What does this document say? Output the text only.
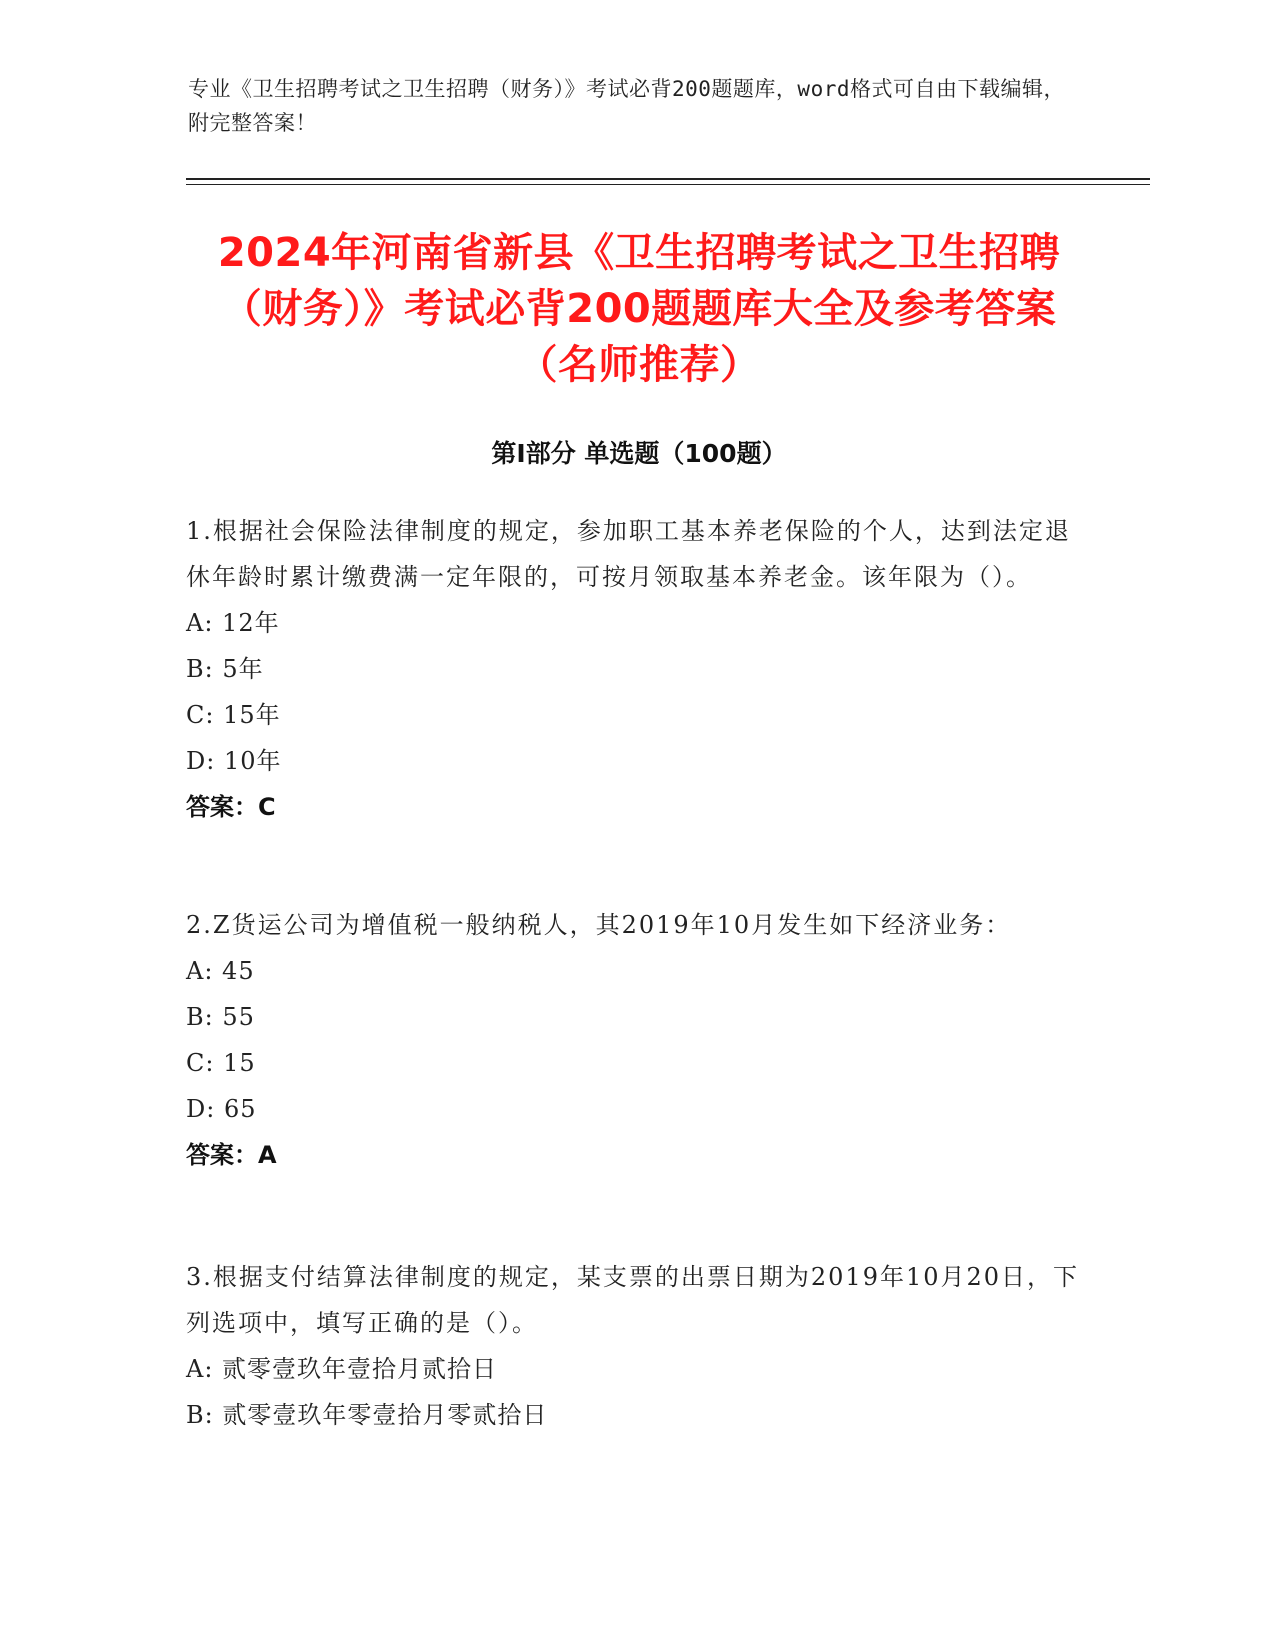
专业《卫生招聘考试之卫生招聘（财务）》考试必背200题题库，word格式可自由下载编辑，附完整答案！
2024年河南省新县《卫生招聘考试之卫生招聘（财务）》考试必背200题题库大全及参考答案（名师推荐）
第Ⅰ部分 单选题（100题）
1.根据社会保险法律制度的规定，参加职工基本养老保险的个人，达到法定退休年龄时累计缴费满一定年限的，可按月领取基本养老金。该年限为（）。
A: 12年
B: 5年
C: 15年
D: 10年
答案：C
2.Z货运公司为增值税一般纳税人，其2019年10月发生如下经济业务：
A: 45
B: 55
C: 15
D: 65
答案：A
3.根据支付结算法律制度的规定，某支票的出票日期为2019年10月20日，下列选项中，填写正确的是（）。
A: 贰零壹玖年壹拾月贰拾日
B: 贰零壹玖年零壹拾月零贰拾日
